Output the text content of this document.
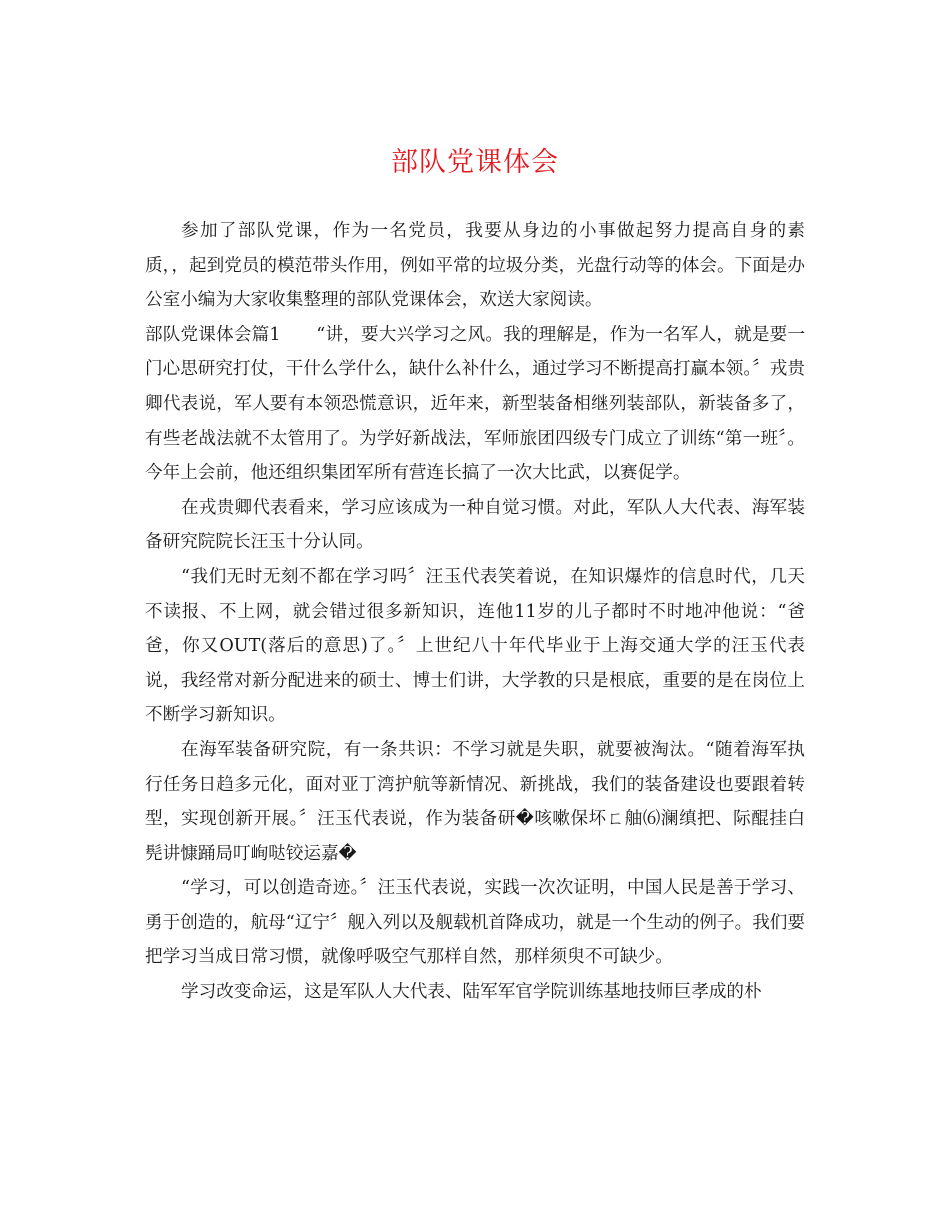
部队党课体会

参加了部队党课，作为一名党员，我要从身边的小事做起努力提高自身的素质，，起到党员的模范带头作用，例如平常的垃圾分类，光盘行动等的体会。下面是办公室小编为大家收集整理的部队党课体会，欢送大家阅读。

部队党课体会篇1　　“讲，要大兴学习之风。我的理解是，作为一名军人，就是要一门心思研究打仗，干什么学什么，缺什么补什么，通过学习不断提高打赢本领。〞戎贵卿代表说，军人要有本领恐慌意识，近年来，新型装备相继列装部队，新装备多了，有些老战法就不太管用了。为学好新战法，军师旅团四级专门成立了训练“第一班〞。今年上会前，他还组织集团军所有营连长搞了一次大比武，以赛促学。

在戎贵卿代表看来，学习应该成为一种自觉习惯。对此，军队人大代表、海军装备研究院院长汪玉十分认同。

“我们无时无刻不都在学习吗〞汪玉代表笑着说，在知识爆炸的信息时代，几天不读报、不上网，就会错过很多新知识，连他11岁的儿子都时不时地冲他说：“爸爸，你又OUT(落后的意思)了。〞上世纪八十年代毕业于上海交通大学的汪玉代表说，我经常对新分配进来的硕士、博士们讲，大学教的只是根底，重要的是在岗位上不断学习新知识。

在海军装备研究院，有一条共识：不学习就是失职，就要被淘汰。“随着海军执行任务日趋多元化，面对亚丁湾护航等新情况、新挑战，我们的装备建设也要跟着转型，实现创新开展。〞汪玉代表说，作为装备研�咳嗽保坏ㄈ舳⑹澜缜把、际醌挂白髡讲慷踊局叮峋哒铰运嘉�

“学习，可以创造奇迹。〞汪玉代表说，实践一次次证明，中国人民是善于学习、勇于创造的，航母“辽宁〞舰入列以及舰载机首降成功，就是一个生动的例子。我们要把学习当成日常习惯，就像呼吸空气那样自然，那样须臾不可缺少。

学习改变命运，这是军队人大代表、陆军军官学院训练基地技师巨孝成的朴
